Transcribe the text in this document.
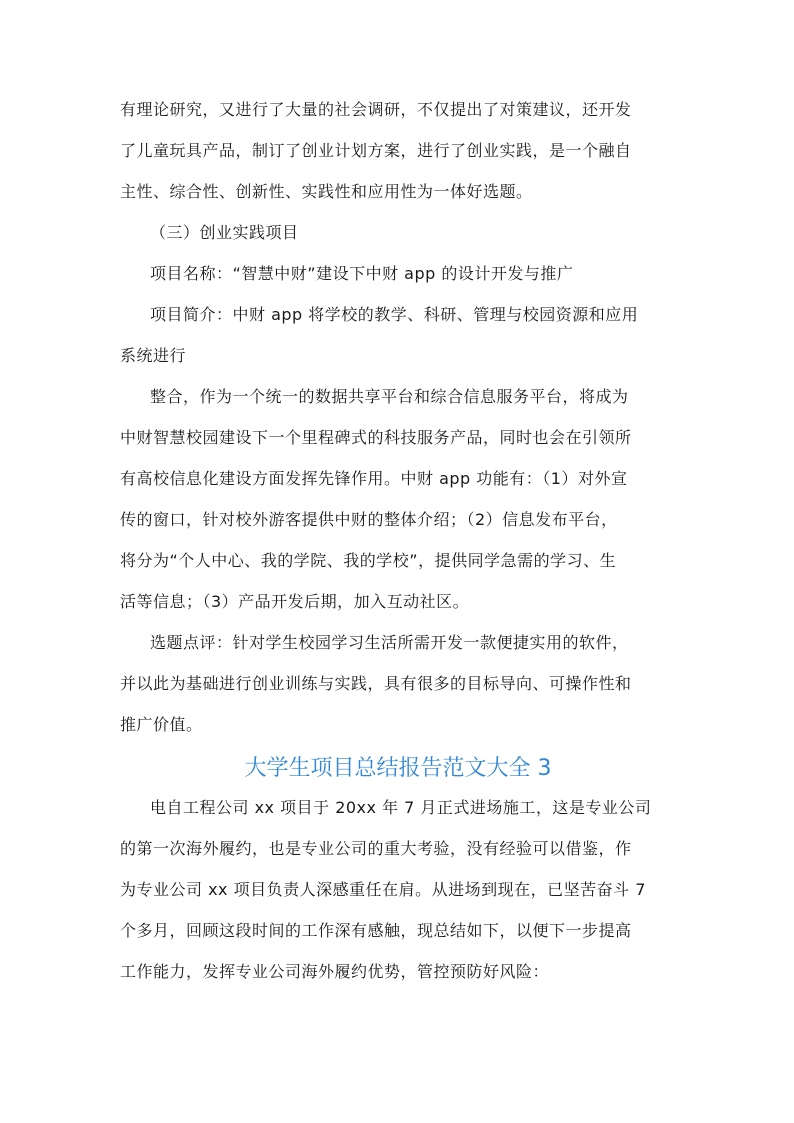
有理论研究，又进行了大量的社会调研，不仅提出了对策建议，还开发

了儿童玩具产品，制订了创业计划方案，进行了创业实践，是一个融自

主性、综合性、创新性、实践性和应用性为一体好选题。

（三）创业实践项目

项目名称：“智慧中财”建设下中财 app 的设计开发与推广

项目简介：中财 app 将学校的教学、科研、管理与校园资源和应用

系统进行

整合，作为一个统一的数据共享平台和综合信息服务平台，将成为

中财智慧校园建设下一个里程碑式的科技服务产品，同时也会在引领所

有高校信息化建设方面发挥先锋作用。中财 app 功能有：（1）对外宣

传的窗口，针对校外游客提供中财的整体介绍；（2）信息发布平台，

将分为“个人中心、我的学院、我的学校”，提供同学急需的学习、生

活等信息；（3）产品开发后期，加入互动社区。

选题点评：针对学生校园学习生活所需开发一款便捷实用的软件，

并以此为基础进行创业训练与实践，具有很多的目标导向、可操作性和

推广价值。

大学生项目总结报告范文大全 3

电自工程公司 xx 项目于 20xx 年 7 月正式进场施工，这是专业公司

的第一次海外履约，也是专业公司的重大考验，没有经验可以借鉴，作

为专业公司 xx 项目负责人深感重任在肩。从进场到现在，已坚苦奋斗 7

个多月，回顾这段时间的工作深有感触，现总结如下，以便下一步提高

工作能力，发挥专业公司海外履约优势，管控预防好风险：
